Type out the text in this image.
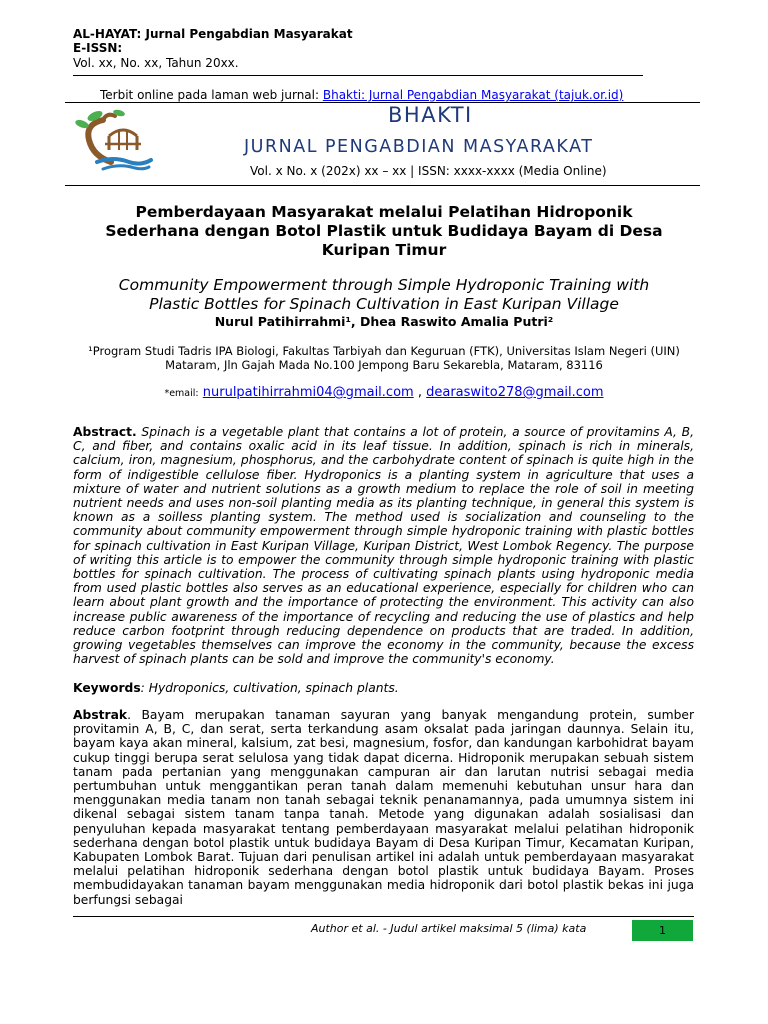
AL-HAYAT: Jurnal Pengabdian Masyarakat
E-ISSN:
Vol. xx, No. xx, Tahun 20xx.
Terbit online pada laman web jurnal: Bhakti: Jurnal Pengabdian Masyarakat (tajuk.or.id)
BHAKTI
JURNAL PENGABDIAN MASYARAKAT
Vol. x No. x (202x) xx – xx | ISSN: xxxx-xxxx (Media Online)
Pemberdayaan Masyarakat melalui Pelatihan Hidroponik
Sederhana dengan Botol Plastik untuk Budidaya Bayam di Desa
Kuripan Timur
Community Empowerment through Simple Hydroponic Training with
Plastic Bottles for Spinach Cultivation in East Kuripan Village
Nurul Patihirrahmi¹, Dhea Raswito Amalia Putri²
¹Program Studi Tadris IPA Biologi, Fakultas Tarbiyah dan Keguruan (FTK), Universitas Islam Negeri (UIN)
Mataram, Jln Gajah Mada No.100 Jempong Baru Sekarebla, Mataram, 83116
*email: nurulpatihirrahmi04@gmail.com , dearaswito278@gmail.com
Abstract. Spinach is a vegetable plant that contains a lot of protein, a source of provitamins A, B, C, and fiber, and contains oxalic acid in its leaf tissue. In addition, spinach is rich in minerals, calcium, iron, magnesium, phosphorus, and the carbohydrate content of spinach is quite high in the form of indigestible cellulose fiber. Hydroponics is a planting system in agriculture that uses a mixture of water and nutrient solutions as a growth medium to replace the role of soil in meeting nutrient needs and uses non-soil planting media as its planting technique, in general this system is known as a soilless planting system. The method used is socialization and counseling to the community about community empowerment through simple hydroponic training with plastic bottles for spinach cultivation in East Kuripan Village, Kuripan District, West Lombok Regency. The purpose of writing this article is to empower the community through simple hydroponic training with plastic bottles for spinach cultivation. The process of cultivating spinach plants using hydroponic media from used plastic bottles also serves as an educational experience, especially for children who can learn about plant growth and the importance of protecting the environment. This activity can also increase public awareness of the importance of recycling and reducing the use of plastics and help reduce carbon footprint through reducing dependence on products that are traded. In addition, growing vegetables themselves can improve the economy in the community, because the excess harvest of spinach plants can be sold and improve the community's economy.
Keywords: Hydroponics, cultivation, spinach plants.
Abstrak. Bayam merupakan tanaman sayuran yang banyak mengandung protein, sumber provitamin A, B, C, dan serat, serta terkandung asam oksalat pada jaringan daunnya. Selain itu, bayam kaya akan mineral, kalsium, zat besi, magnesium, fosfor, dan kandungan karbohidrat bayam cukup tinggi berupa serat selulosa yang tidak dapat dicerna. Hidroponik merupakan sebuah sistem tanam pada pertanian yang menggunakan campuran air dan larutan nutrisi sebagai media pertumbuhan untuk menggantikan peran tanah dalam memenuhi kebutuhan unsur hara dan menggunakan media tanam non tanah sebagai teknik penanamannya, pada umumnya sistem ini dikenal sebagai sistem tanam tanpa tanah. Metode yang digunakan adalah sosialisasi dan penyuluhan kepada masyarakat tentang pemberdayaan masyarakat melalui pelatihan hidroponik sederhana dengan botol plastik untuk budidaya Bayam di Desa Kuripan Timur, Kecamatan Kuripan, Kabupaten Lombok Barat. Tujuan dari penulisan artikel ini adalah untuk pemberdayaan masyarakat melalui pelatihan hidroponik sederhana dengan botol plastik untuk budidaya Bayam. Proses membudidayakan tanaman bayam menggunakan media hidroponik dari botol plastik bekas ini juga berfungsi sebagai
Author et al. - Judul artikel maksimal 5 (lima) kata	1
